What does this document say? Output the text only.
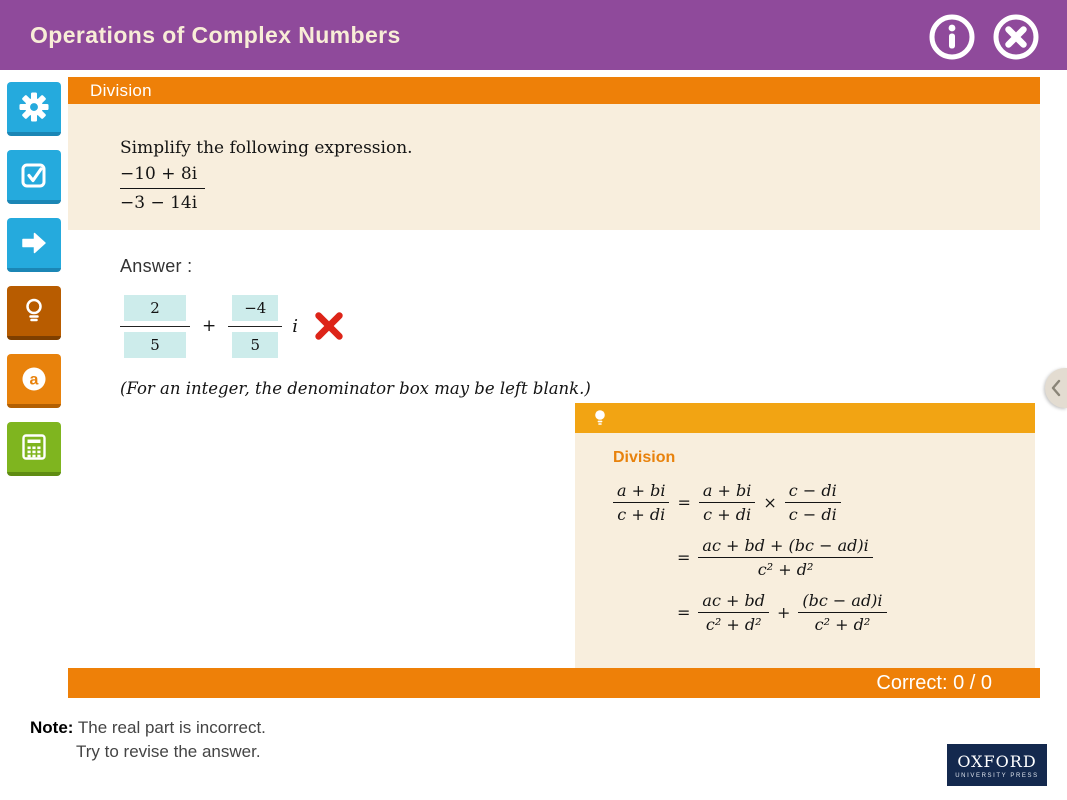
Operations of Complex Numbers
a
Division
Simplify the following expression.
$\frac{-10 + 8i}{-3 - 14i}$
Answer :
2
5
+
−4
5
i
(For an integer, the denominator box may be left blank.)
Division
$\frac{a + bi}{c + di} = \frac{a + bi}{c + di} \times \frac{c - di}{c - di}$
= $\frac{ac + bd + (bc - ad)i}{\text{c² + d²}}$
= $\frac{ac + bd}{\text{c² + d²}} + \frac{(bc - ad)i}{\text{c² + d²}}$
Correct: 0 / 0
Note: The real part is incorrect.
Try to revise the answer.	OXFORD
UNIVERSITY PRESS
